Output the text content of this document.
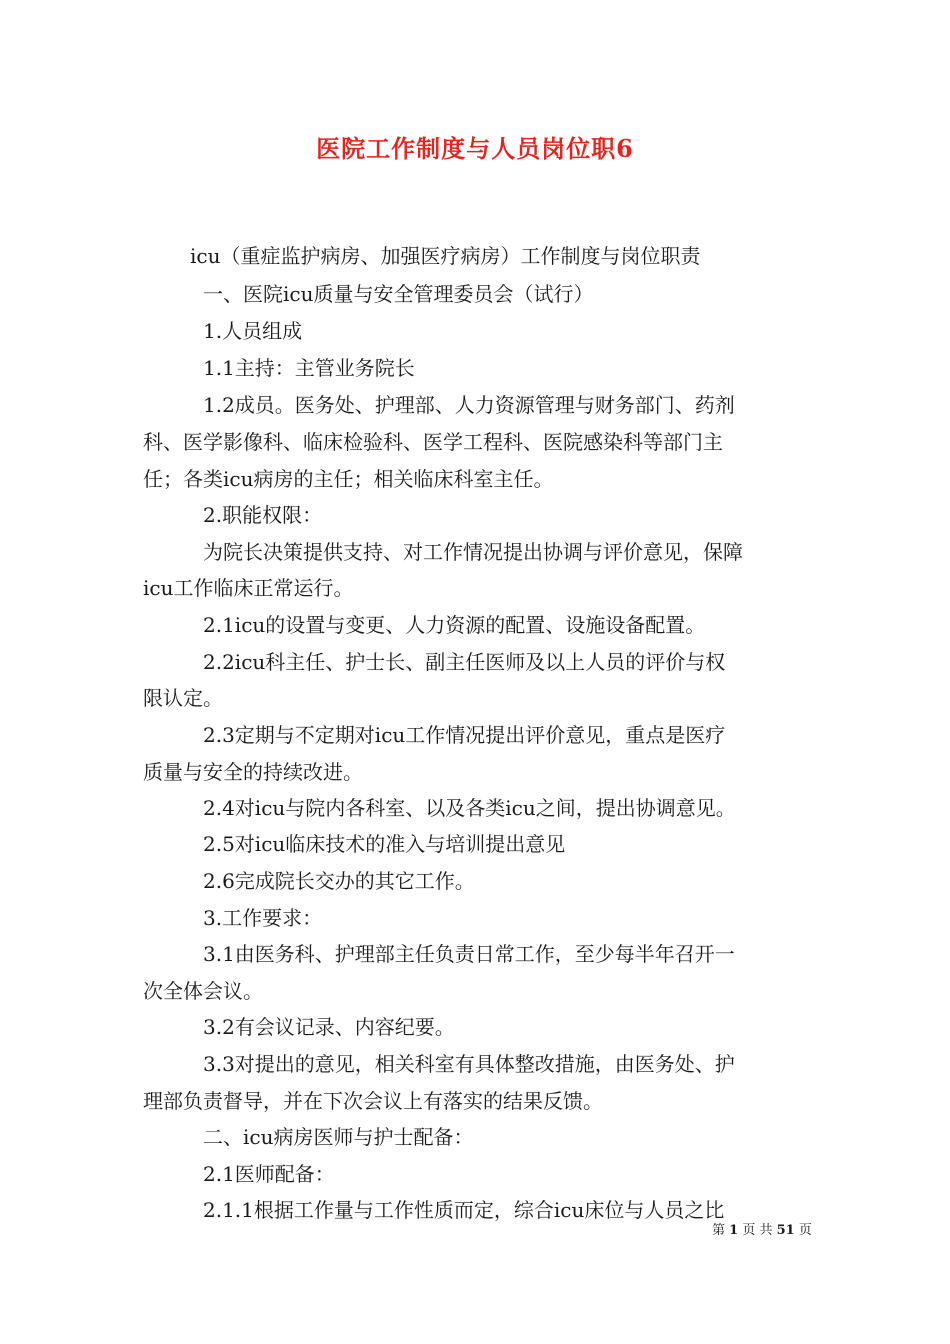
医院工作制度与人员岗位职6

icu（重症监护病房、加强医疗病房）工作制度与岗位职责

一、医院icu质量与安全管理委员会（试行）

1.人员组成

1.1主持：主管业务院长

1.2成员。医务处、护理部、人力资源管理与财务部门、药剂

科、医学影像科、临床检验科、医学工程科、医院感染科等部门主

任；各类icu病房的主任；相关临床科室主任。

2.职能权限：

为院长决策提供支持、对工作情况提出协调与评价意见，保障

icu工作临床正常运行。

2.1icu的设置与变更、人力资源的配置、设施设备配置。

2.2icu科主任、护士长、副主任医师及以上人员的评价与权

限认定。

2.3定期与不定期对icu工作情况提出评价意见，重点是医疗

质量与安全的持续改进。

2.4对icu与院内各科室、以及各类icu之间，提出协调意见。

2.5对icu临床技术的准入与培训提出意见

2.6完成院长交办的其它工作。

3.工作要求：

3.1由医务科、护理部主任负责日常工作，至少每半年召开一

次全体会议。

3.2有会议记录、内容纪要。

3.3对提出的意见，相关科室有具体整改措施，由医务处、护

理部负责督导，并在下次会议上有落实的结果反馈。

二、icu病房医师与护士配备：

2.1医师配备：

2.1.1根据工作量与工作性质而定，综合icu床位与人员之比

第 1 页 共 51 页
